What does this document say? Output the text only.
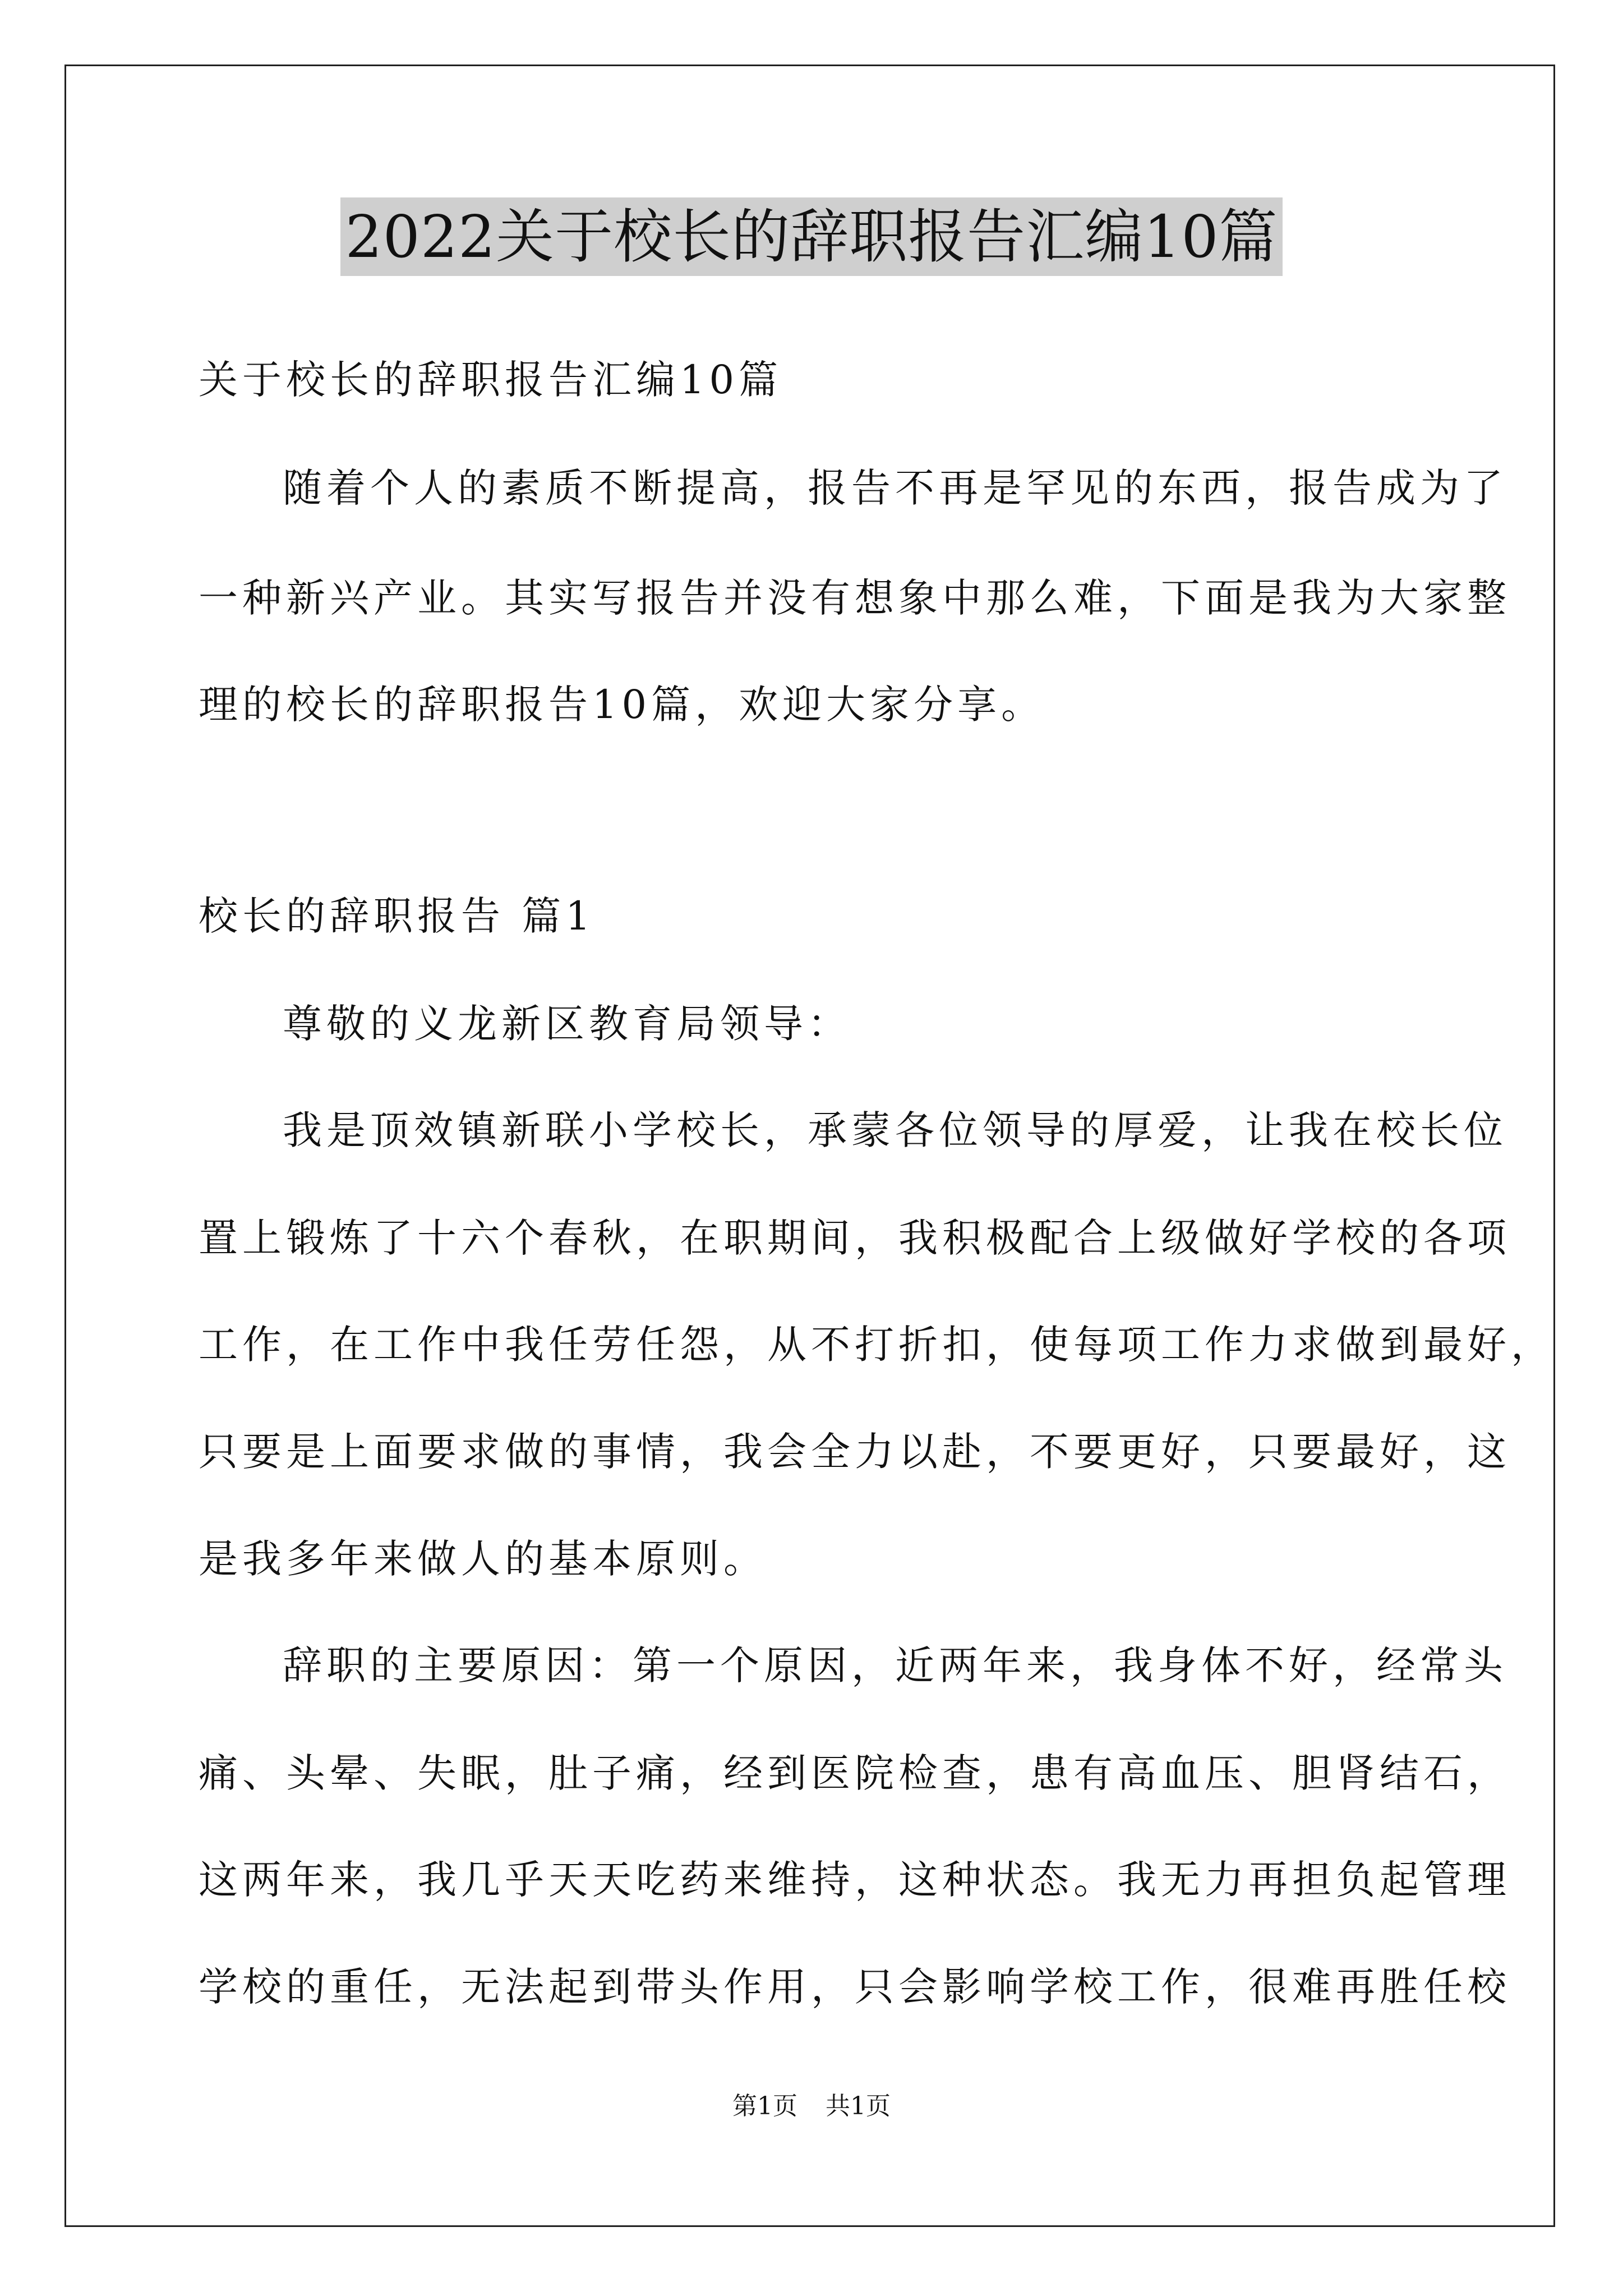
2022关于校长的辞职报告汇编10篇
关于校长的辞职报告汇编10篇
随着个人的素质不断提高，报告不再是罕见的东西，报告成为了
一种新兴产业。其实写报告并没有想象中那么难，下面是我为大家整
理的校长的辞职报告10篇，欢迎大家分享。
校长的辞职报告 篇1
尊敬的义龙新区教育局领导：
我是顶效镇新联小学校长，承蒙各位领导的厚爱，让我在校长位
置上锻炼了十六个春秋，在职期间，我积极配合上级做好学校的各项
工作，在工作中我任劳任怨，从不打折扣，使每项工作力求做到最好，
只要是上面要求做的事情，我会全力以赴，不要更好，只要最好，这
是我多年来做人的基本原则。
辞职的主要原因：第一个原因，近两年来，我身体不好，经常头
痛、头晕、失眠，肚子痛，经到医院检查，患有高血压、胆肾结石，
这两年来，我几乎天天吃药来维持，这种状态。我无力再担负起管理
学校的重任，无法起到带头作用，只会影响学校工作，很难再胜任校
第1页 共1页
